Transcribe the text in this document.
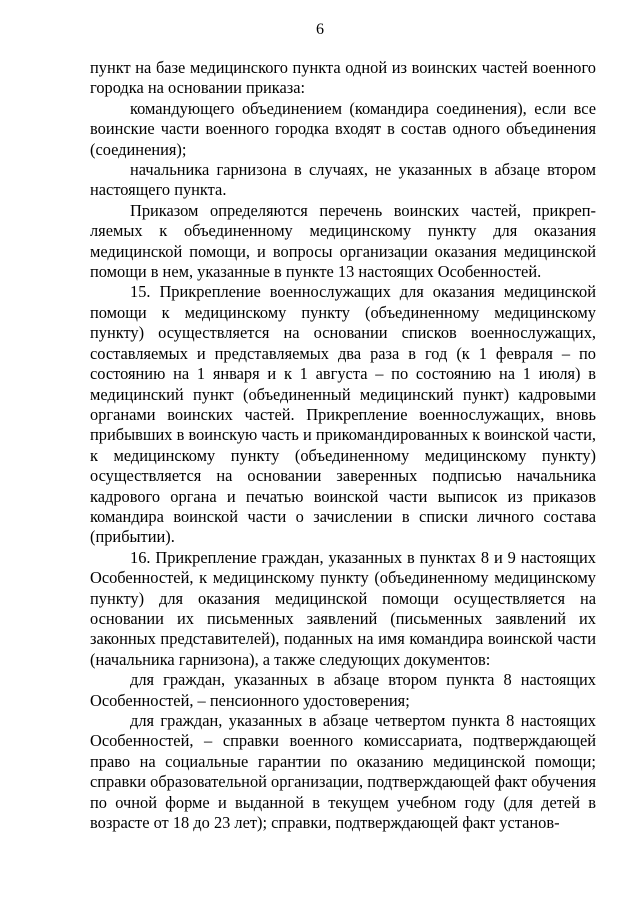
6

пункт на базе медицинского пункта одной из воинских частей военного городка на основании приказа:

командующего объединением (командира соединения), если все воинские части военного городка входят в состав одного объединения (соединения);

начальника гарнизона в случаях, не указанных в абзаце втором настоящего пункта.

Приказом определяются перечень воинских частей, прикрепляемых к объединенному медицинскому пункту для оказания медицинской помощи, и вопросы организации оказания медицинской помощи в нем, указанные в пункте 13 настоящих Особенностей.

15. Прикрепление военнослужащих для оказания медицинской помощи к медицинскому пункту (объединенному медицинскому пункту) осуществляется на основании списков военнослужащих, составляемых и представляемых два раза в год (к 1 февраля – по состоянию на 1 января и к 1 августа – по состоянию на 1 июля) в медицинский пункт (объединенный медицинский пункт) кадровыми органами воинских частей. Прикрепление военнослужащих, вновь прибывших в воинскую часть и прикомандированных к воинской части, к медицинскому пункту (объединенному медицинскому пункту) осуществляется на основании заверенных подписью начальника кадрового органа и печатью воинской части выписок из приказов командира воинской части о зачислении в списки личного состава (прибытии).

16. Прикрепление граждан, указанных в пунктах 8 и 9 настоящих Особенностей, к медицинскому пункту (объединенному медицинскому пункту) для оказания медицинской помощи осуществляется на основании их письменных заявлений (письменных заявлений их законных представителей), поданных на имя командира воинской части (начальника гарнизона), а также следующих документов:

для граждан, указанных в абзаце втором пункта 8 настоящих Особенностей, – пенсионного удостоверения;

для граждан, указанных в абзаце четвертом пункта 8 настоящих Особенностей, – справки военного комиссариата, подтверждающей право на социальные гарантии по оказанию медицинской помощи; справки образовательной организации, подтверждающей факт обучения по очной форме и выданной в текущем учебном году (для детей в возрасте от 18 до 23 лет); справки, подтверждающей факт установ-
